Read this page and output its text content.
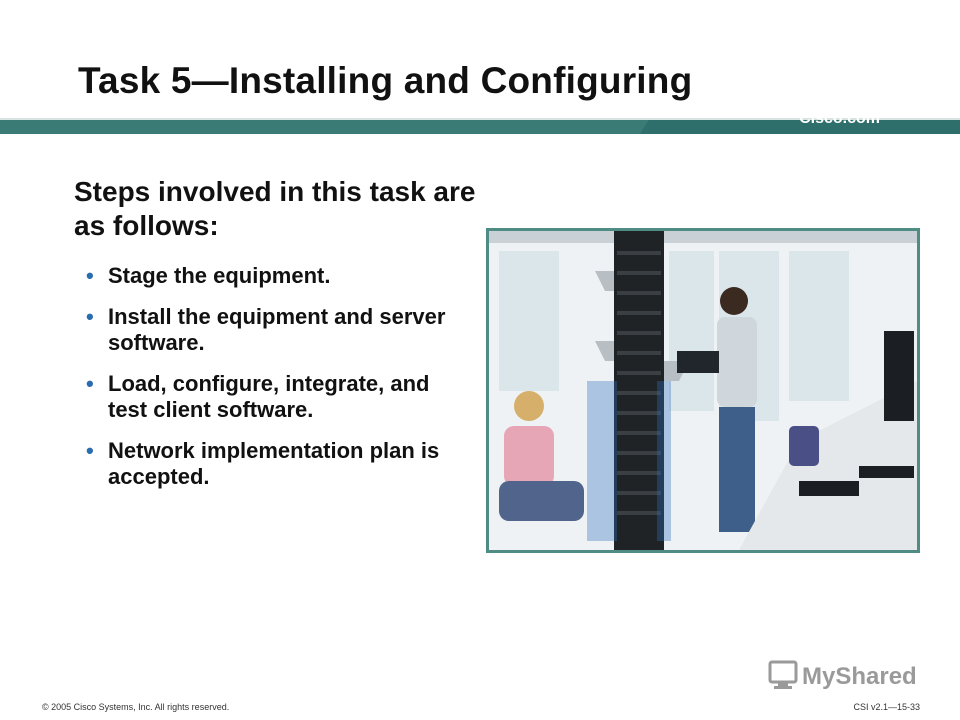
Task 5—Installing and Configuring
Cisco.com

Steps involved in this task are as follows:

• Stage the equipment.
• Install the equipment and server software.
• Load, configure, integrate, and test client software.
• Network implementation plan is accepted.
MyShared
© 2005 Cisco Systems, Inc. All rights reserved.	CSI v2.1—15-33
